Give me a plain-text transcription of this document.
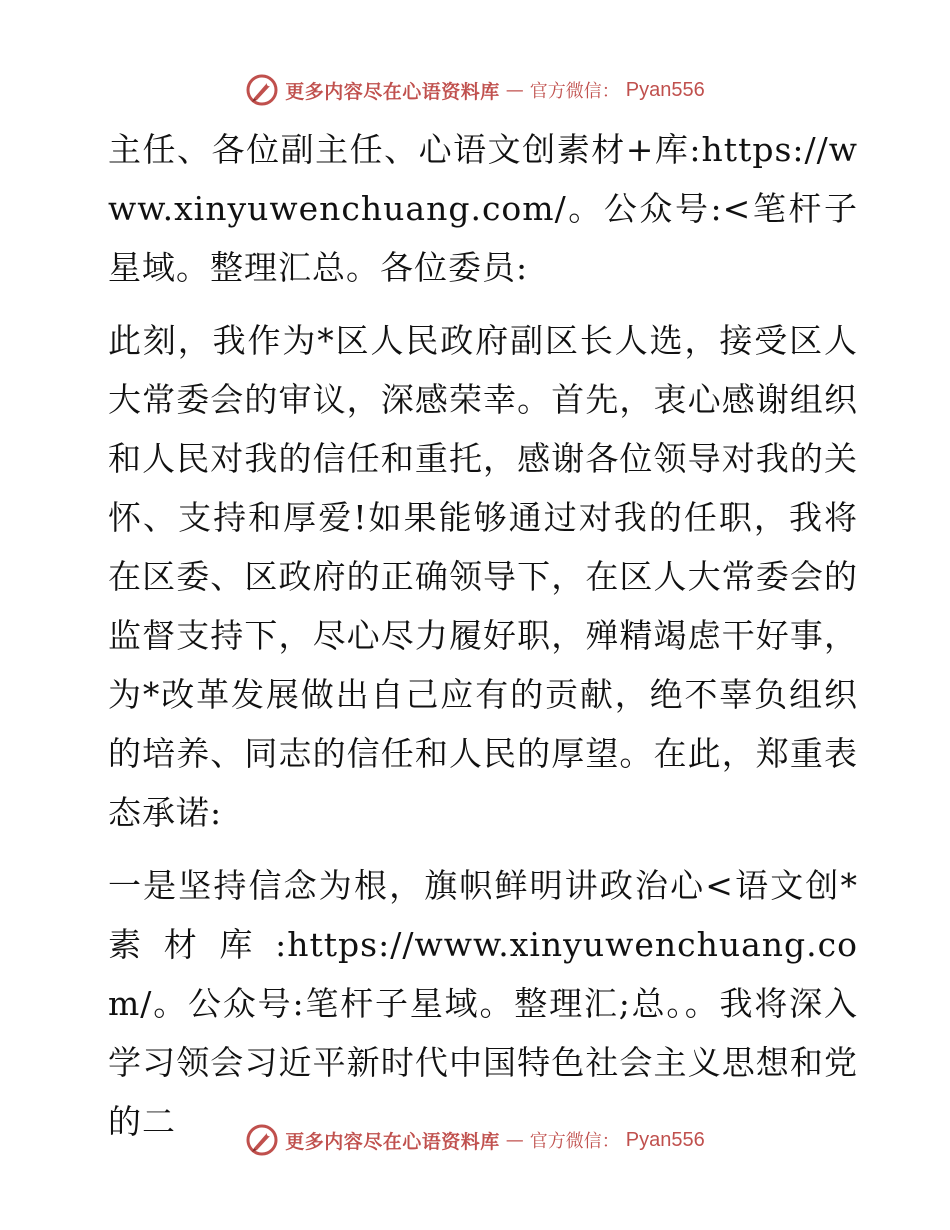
更多内容尽在心语资料库 — 官方微信： Pyan556

主任、各位副主任、心语文创素材+库:https://www.xinyuwenchuang.com/。公众号:<笔杆子星域。整理汇总。各位委员:

此刻，我作为*区人民政府副区长人选，接受区人大常委会的审议，深感荣幸。首先，衷心感谢组织和人民对我的信任和重托，感谢各位领导对我的关怀、支持和厚爱!如果能够通过对我的任职，我将在区委、区政府的正确领导下，在区人大常委会的监督支持下，尽心尽力履好职，殚精竭虑干好事，为*改革发展做出自己应有的贡献，绝不辜负组织的培养、同志的信任和人民的厚望。在此，郑重表态承诺:

一是坚持信念为根，旗帜鲜明讲政治心<语文创*素材库:https://www.xinyuwenchuang.com/。公众号:笔杆子星域。整理汇;总。。我将深入学习领会习近平新时代中国特色社会主义思想和党的二

更多内容尽在心语资料库 — 官方微信： Pyan556
